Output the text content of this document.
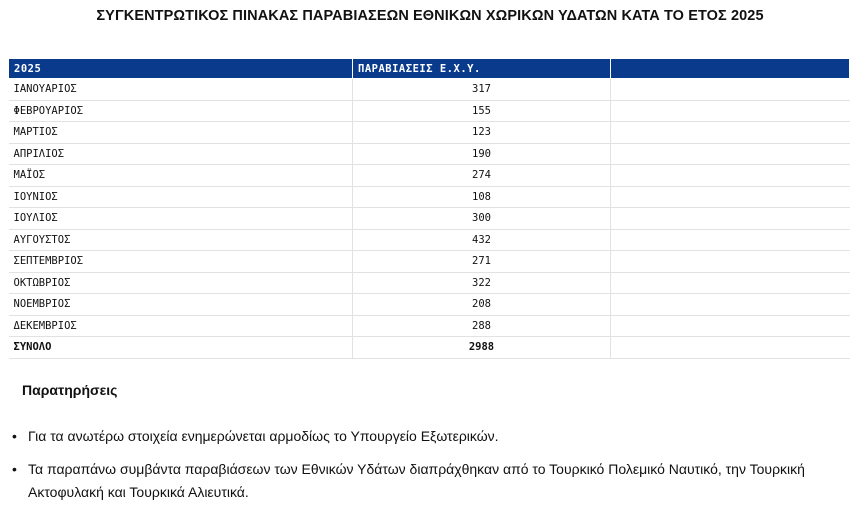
ΣΥΓΚΕΝΤΡΩΤΙΚΟΣ ΠΙΝΑΚΑΣ ΠΑΡΑΒΙΑΣΕΩΝ ΕΘΝΙΚΩΝ ΧΩΡΙΚΩΝ ΥΔΑΤΩΝ ΚΑΤΑ ΤΟ ΕΤΟΣ 2025
2025	ΠΑΡΑΒΙΑΣΕΙΣ Ε.Χ.Υ.	
ΙΑΝΟΥΑΡΙΟΣ	317	
ΦΕΒΡΟΥΑΡΙΟΣ	155	
ΜΑΡΤΙΟΣ	123	
ΑΠΡΙΛΙΟΣ	190	
ΜΑΪΟΣ	274	
ΙΟΥΝΙΟΣ	108	
ΙΟΥΛΙΟΣ	300	
ΑΥΓΟΥΣΤΟΣ	432	
ΣΕΠΤΕΜΒΡΙΟΣ	271	
ΟΚΤΩΒΡΙΟΣ	322	
ΝΟΕΜΒΡΙΟΣ	208	
ΔΕΚΕΜΒΡΙΟΣ	288	
ΣΥΝΟΛΟ	2988	
Παρατηρήσεις
• Για τα ανωτέρω στοιχεία ενημερώνεται αρμοδίως το Υπουργείο Εξωτερικών.
• Τα παραπάνω συμβάντα παραβιάσεων των Εθνικών Υδάτων διαπράχθηκαν από το Τουρκικό Πολεμικό Ναυτικό, την Τουρκική Ακτοφυλακή και Τουρκικά Αλιευτικά.
